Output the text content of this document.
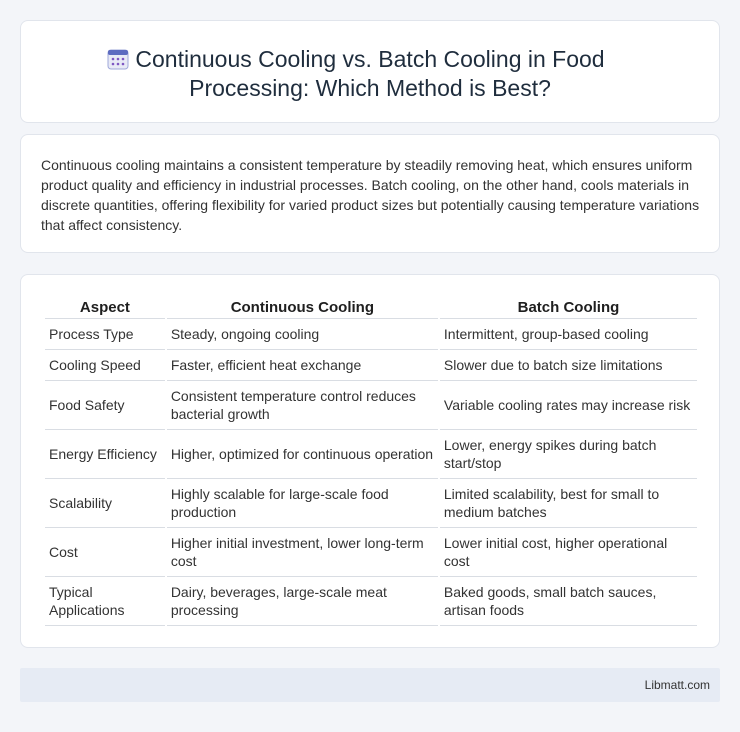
Continuous Cooling vs. Batch Cooling in Food Processing: Which Method is Best?

Continuous cooling maintains a consistent temperature by steadily removing heat, which ensures uniform product quality and efficiency in industrial processes. Batch cooling, on the other hand, cools materials in discrete quantities, offering flexibility for varied product sizes but potentially causing temperature variations that affect consistency.

Aspect	Continuous Cooling	Batch Cooling
Process Type	Steady, ongoing cooling	Intermittent, group-based cooling
Cooling Speed	Faster, efficient heat exchange	Slower due to batch size limitations
Food Safety	Consistent temperature control reduces bacterial growth	Variable cooling rates may increase risk
Energy Efficiency	Higher, optimized for continuous operation	Lower, energy spikes during batch start/stop
Scalability	Highly scalable for large-scale food production	Limited scalability, best for small to medium batches
Cost	Higher initial investment, lower long-term cost	Lower initial cost, higher operational cost
Typical Applications	Dairy, beverages, large-scale meat processing	Baked goods, small batch sauces, artisan foods
Libmatt.com
